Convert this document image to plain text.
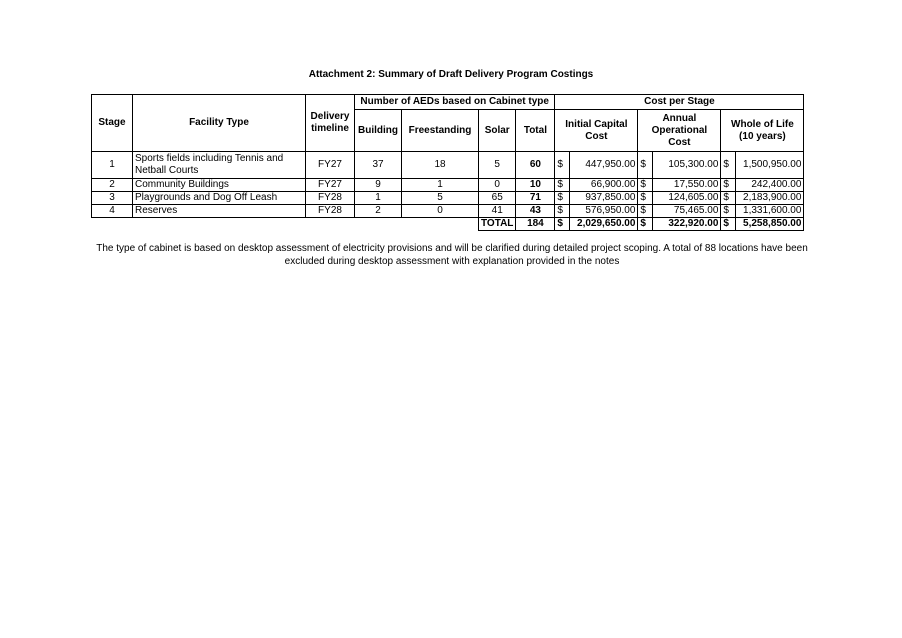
Attachment 2: Summary of Draft Delivery Program Costings
Stage	Facility Type	Delivery timeline	Number of AEDs based on Cabinet type				Cost per Stage					
			Building	Freestanding	Solar	Total	Initial Capital Cost		Annual Operational Cost		Whole of Life (10 years)	
1	Sports fields including Tennis and Netball Courts	FY27	37	18	5	60	$	447,950.00	$	105,300.00	$	1,500,950.00
2	Community Buildings	FY27	9	1	0	10	$	66,900.00	$	17,550.00	$	242,400.00
3	Playgrounds and Dog Off Leash	FY28	1	5	65	71	$	937,850.00	$	124,605.00	$	2,183,900.00
4	Reserves	FY28	2	0	41	43	$	576,950.00	$	75,465.00	$	1,331,600.00
					TOTAL	184	$	2,029,650.00	$	322,920.00	$	5,258,850.00
The type of cabinet is based on desktop assessment of electricity provisions and will be clarified during detailed project scoping. A total of 88 locations have been excluded during desktop assessment with explanation provided in the notes
